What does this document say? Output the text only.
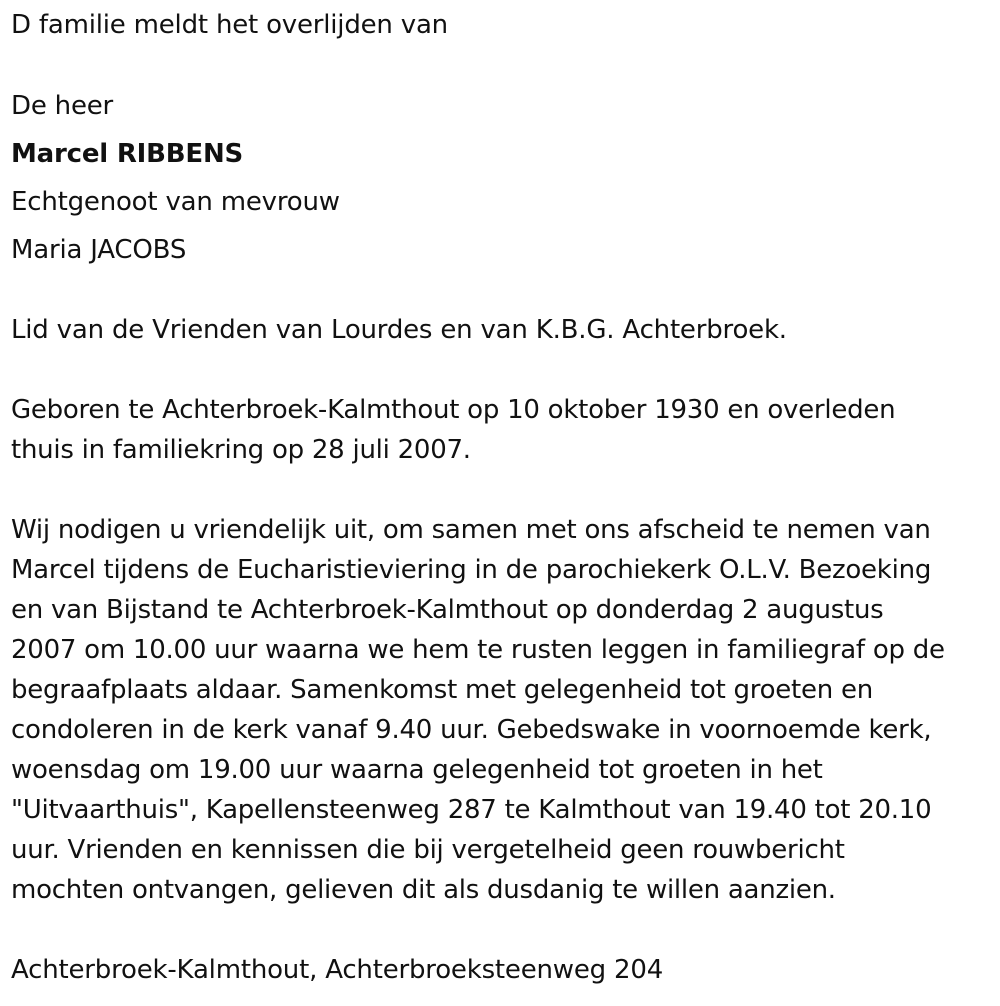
D familie meldt het overlijden van
De heer
Marcel RIBBENS
Echtgenoot van mevrouw
Maria JACOBS
Lid van de Vrienden van Lourdes en van K.B.G. Achterbroek.
Geboren te Achterbroek-Kalmthout op 10 oktober 1930 en overleden
thuis in familiekring op 28 juli 2007.
Wij nodigen u vriendelijk uit, om samen met ons afscheid te nemen van
Marcel tijdens de Eucharistieviering in de parochiekerk O.L.V. Bezoeking
en van Bijstand te Achterbroek-Kalmthout op donderdag 2 augustus
2007 om 10.00 uur waarna we hem te rusten leggen in familiegraf op de
begraafplaats aldaar. Samenkomst met gelegenheid tot groeten en
condoleren in de kerk vanaf 9.40 uur. Gebedswake in voornoemde kerk,
woensdag om 19.00 uur waarna gelegenheid tot groeten in het
"Uitvaarthuis", Kapellensteenweg 287 te Kalmthout van 19.40 tot 20.10
uur. Vrienden en kennissen die bij vergetelheid geen rouwbericht
mochten ontvangen, gelieven dit als dusdanig te willen aanzien.
Achterbroek-Kalmthout, Achterbroeksteenweg 204
